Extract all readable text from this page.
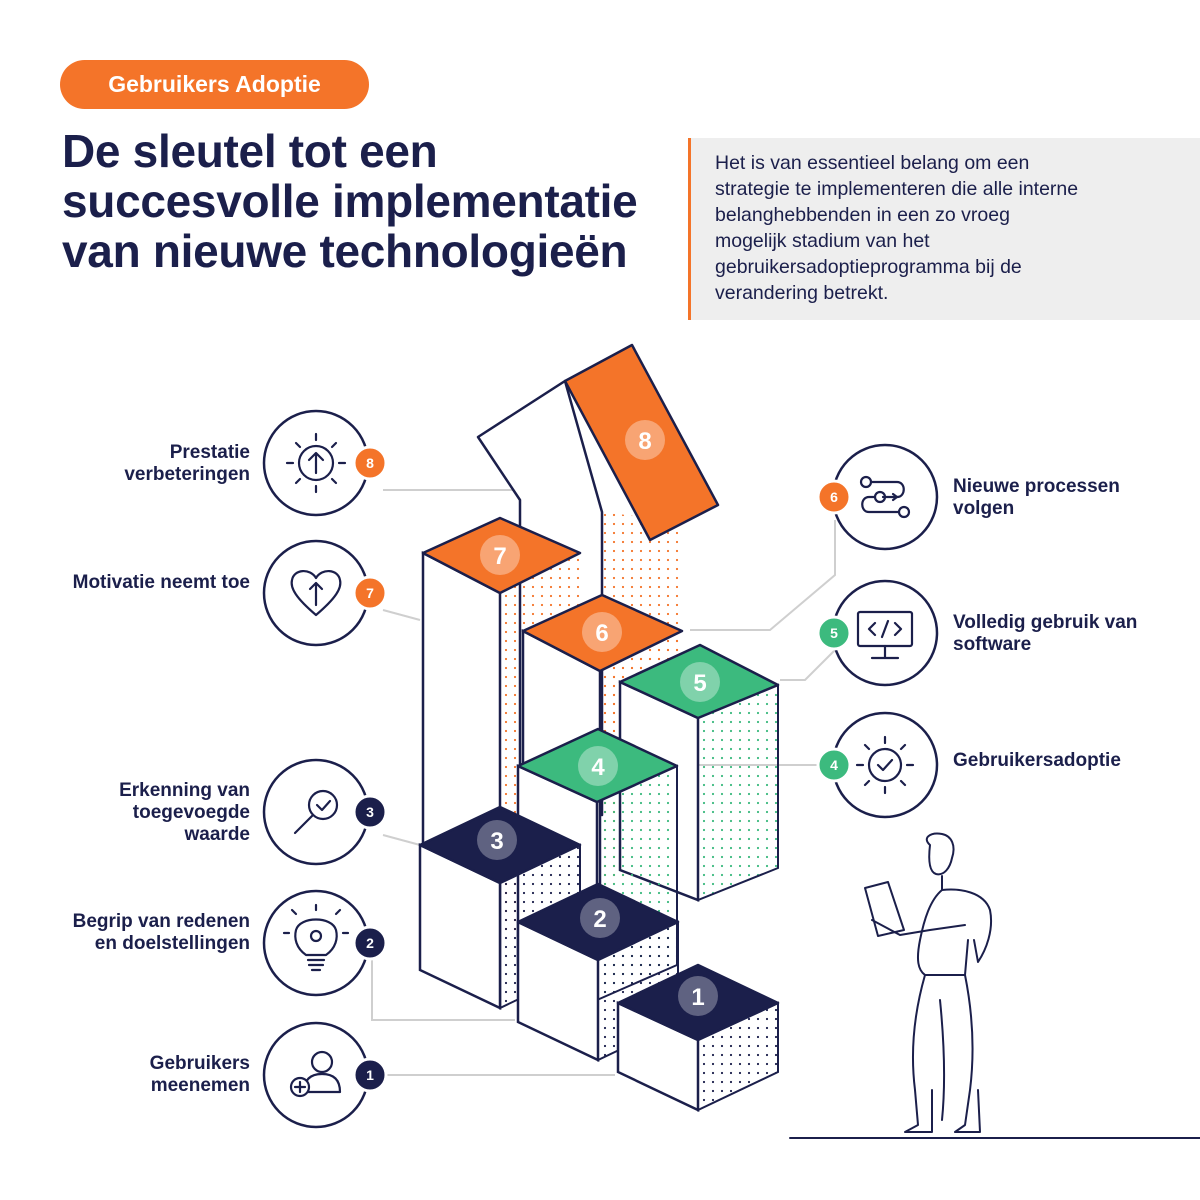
Gebruikers Adoptie
De sleutel tot een succesvolle implementatie van nieuwe technologieën

Het is van essentieel belang om een strategie te implementeren die alle interne belanghebbenden in een zo vroeg mogelijk stadium van het gebruikersadoptieprogramma bij de verandering betrekt.

8
7
6
5
4
3
2
1
8
7
3
2
1
6
5
4
Prestatie verbeteringen
Motivatie neemt toe
Erkenning van toegevoegde waarde
Begrip van redenen en doelstellingen
Gebruikers meenemen
Nieuwe processen volgen
Volledig gebruik van software
Gebruikersadoptie
